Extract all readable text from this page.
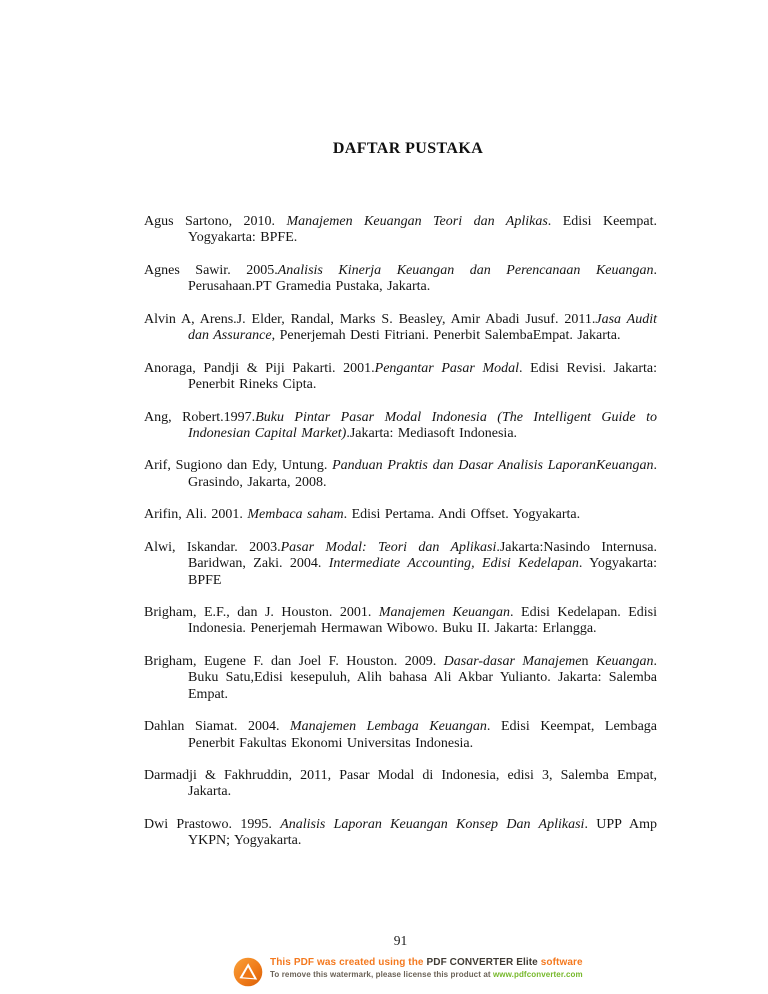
DAFTAR PUSTAKA

Agus Sartono, 2010. Manajemen Keuangan Teori dan Aplikas. Edisi Keempat. Yogyakarta: BPFE.

Agnes Sawir. 2005.Analisis Kinerja Keuangan dan Perencanaan Keuangan. Perusahaan.PT Gramedia Pustaka, Jakarta.

Alvin A, Arens.J. Elder, Randal, Marks S. Beasley, Amir Abadi Jusuf. 2011.Jasa Audit dan Assurance, Penerjemah Desti Fitriani. Penerbit SalembaEmpat. Jakarta.

Anoraga, Pandji & Piji Pakarti. 2001.Pengantar Pasar Modal. Edisi Revisi. Jakarta: Penerbit Rineks Cipta.

Ang, Robert.1997.Buku Pintar Pasar Modal Indonesia (The Intelligent Guide to Indonesian Capital Market).Jakarta: Mediasoft Indonesia.

Arif, Sugiono dan Edy, Untung. Panduan Praktis dan Dasar Analisis LaporanKeuangan. Grasindo, Jakarta, 2008.

Arifin, Ali. 2001. Membaca saham. Edisi Pertama. Andi Offset. Yogyakarta.

Alwi, Iskandar. 2003.Pasar Modal: Teori dan Aplikasi.Jakarta:Nasindo Internusa. Baridwan, Zaki. 2004. Intermediate Accounting, Edisi Kedelapan. Yogyakarta: BPFE

Brigham, E.F., dan J. Houston. 2001. Manajemen Keuangan. Edisi Kedelapan. Edisi Indonesia. Penerjemah Hermawan Wibowo. Buku II. Jakarta: Erlangga.

Brigham, Eugene F. dan Joel F. Houston. 2009. Dasar-dasar Manajemen Keuangan. Buku Satu,Edisi kesepuluh, Alih bahasa Ali Akbar Yulianto. Jakarta: Salemba Empat.

Dahlan Siamat. 2004. Manajemen Lembaga Keuangan. Edisi Keempat, Lembaga Penerbit Fakultas Ekonomi Universitas Indonesia.

Darmadji & Fakhruddin, 2011, Pasar Modal di Indonesia, edisi 3, Salemba Empat, Jakarta.

Dwi Prastowo. 1995. Analisis Laporan Keuangan Konsep Dan Aplikasi. UPP Amp YKPN; Yogyakarta.

91
This PDF was created using the PDF CONVERTER Elite software
To remove this watermark, please license this product at www.pdfconverter.com
